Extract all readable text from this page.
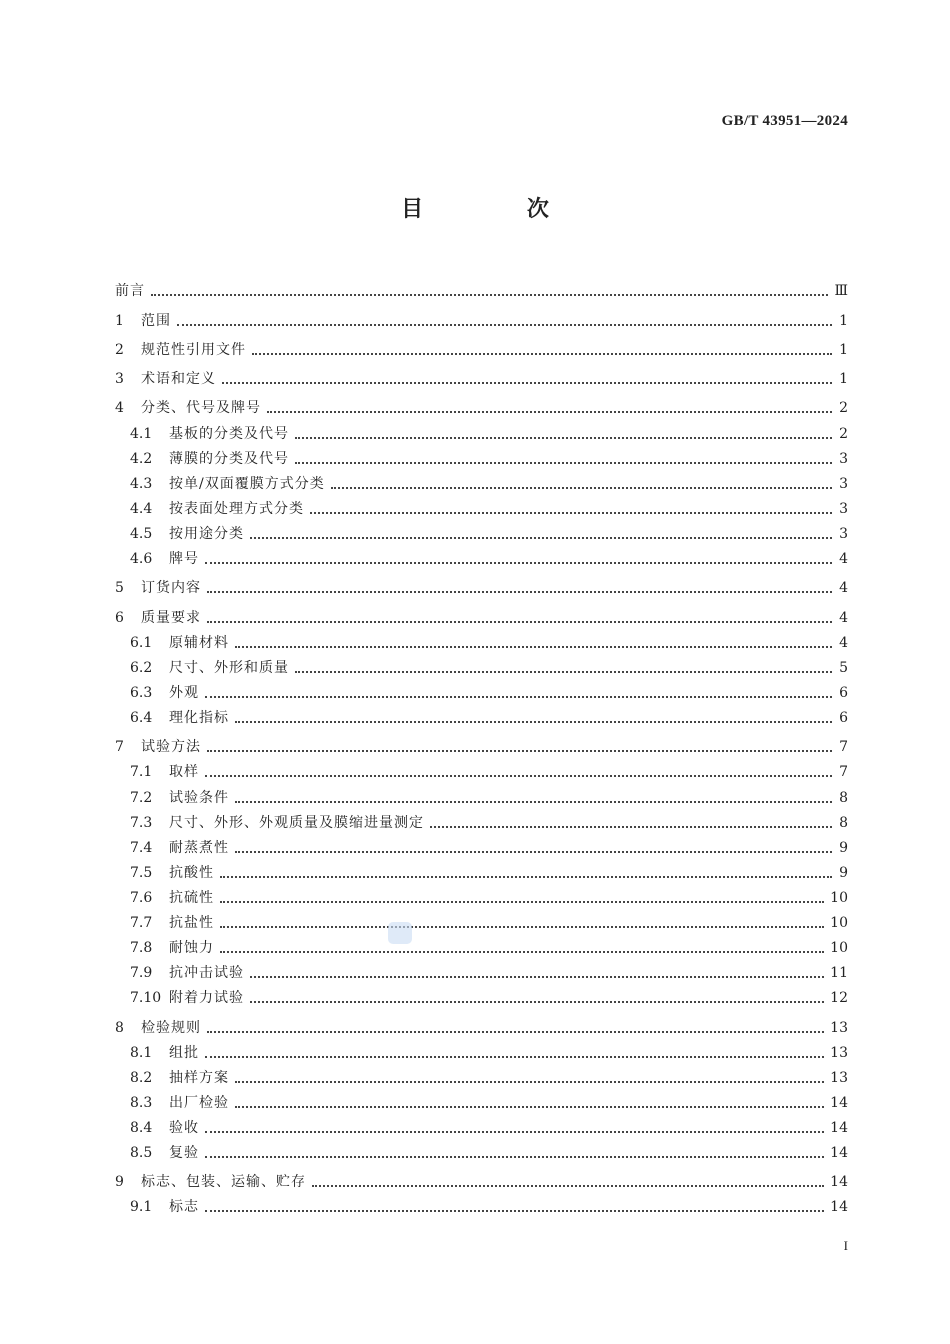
GB/T 43951—2024
目 次
前言	Ⅲ
1	范围	1
2	规范性引用文件	1
3	术语和定义	1
4	分类、代号及牌号	2
4.1	基板的分类及代号	2
4.2	薄膜的分类及代号	3
4.3	按单/双面覆膜方式分类	3
4.4	按表面处理方式分类	3
4.5	按用途分类	3
4.6	牌号	4
5	订货内容	4
6	质量要求	4
6.1	原辅材料	4
6.2	尺寸、外形和质量	5
6.3	外观	6
6.4	理化指标	6
7	试验方法	7
7.1	取样	7
7.2	试验条件	8
7.3	尺寸、外形、外观质量及膜缩进量测定	8
7.4	耐蒸煮性	9
7.5	抗酸性	9
7.6	抗硫性	10
7.7	抗盐性	10
7.8	耐蚀力	10
7.9	抗冲击试验	11
7.10 附着力试验	12
8	检验规则	13
8.1	组批	13
8.2	抽样方案	13
8.3	出厂检验	14
8.4	验收	14
8.5	复验	14
9	标志、包装、运输、贮存	14
9.1	标志	14
I
